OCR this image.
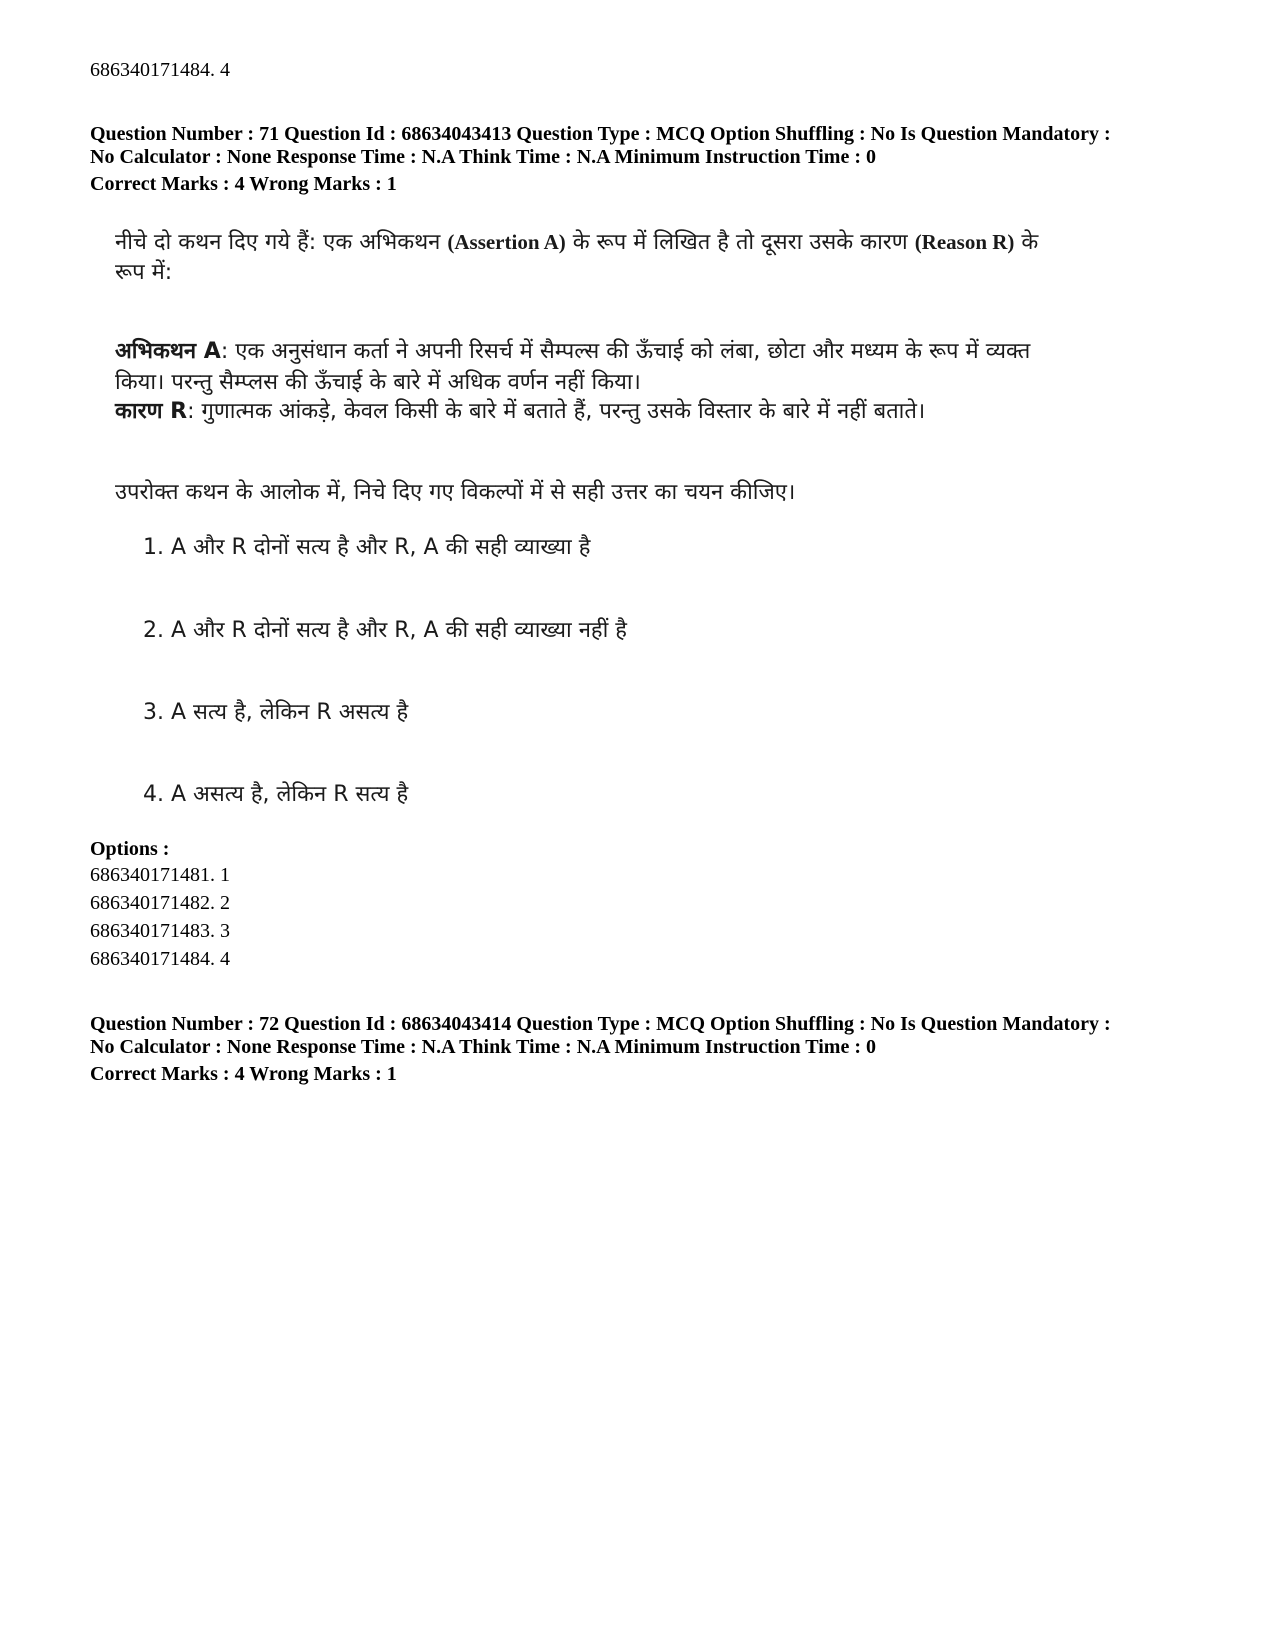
686340171484. 4
Question Number : 71 Question Id : 68634043413 Question Type : MCQ Option Shuffling : No Is Question Mandatory :
No Calculator : None Response Time : N.A Think Time : N.A Minimum Instruction Time : 0
Correct Marks : 4 Wrong Marks : 1
नीचे दो कथन दिए गये हैं: एक अभिकथन (Assertion A) के रूप में लिखित है तो दूसरा उसके कारण (Reason R) के
रूप में:
अभिकथन A: एक अनुसंधान कर्ता ने अपनी रिसर्च में सैम्पल्स की ऊँचाई को लंबा, छोटा और मध्यम के रूप में व्यक्त
किया। परन्तु सैम्प्लस की ऊँचाई के बारे में अधिक वर्णन नहीं किया।
कारण R: गुणात्मक आंकड़े, केवल किसी के बारे में बताते हैं, परन्तु उसके विस्तार के बारे में नहीं बताते।
उपरोक्त कथन के आलोक में, निचे दिए गए विकल्पों में से सही उत्तर का चयन कीजिए।
1. A और R दोनों सत्य है और R, A की सही व्याख्या है
2. A और R दोनों सत्य है और R, A की सही व्याख्या नहीं है
3. A सत्य है, लेकिन R असत्य है
4. A असत्य है, लेकिन R सत्य है
Options :
686340171481. 1
686340171482. 2
686340171483. 3
686340171484. 4
Question Number : 72 Question Id : 68634043414 Question Type : MCQ Option Shuffling : No Is Question Mandatory :
No Calculator : None Response Time : N.A Think Time : N.A Minimum Instruction Time : 0
Correct Marks : 4 Wrong Marks : 1
